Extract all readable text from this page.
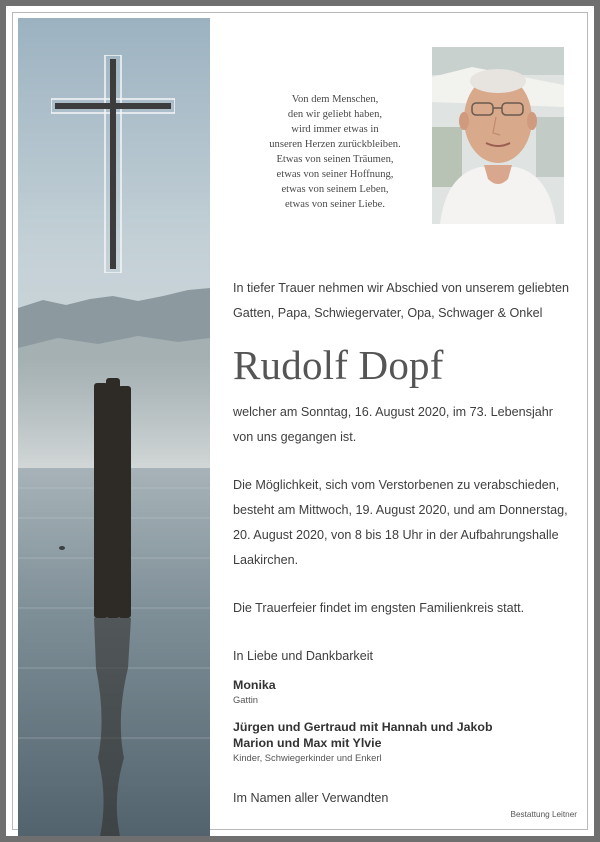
Von dem Menschen,
den wir geliebt haben,
wird immer etwas in
unseren Herzen zurückbleiben.
Etwas von seinen Träumen,
etwas von seiner Hoffnung,
etwas von seinem Leben,
etwas von seiner Liebe.
In tiefer Trauer nehmen wir Abschied von unserem geliebten
Gatten, Papa, Schwiegervater, Opa, Schwager & Onkel
Rudolf Dopf
welcher am Sonntag, 16. August 2020, im 73. Lebensjahr
von uns gegangen ist.
Die Möglichkeit, sich vom Verstorbenen zu verabschieden,
besteht am Mittwoch, 19. August 2020, und am Donnerstag,
20. August 2020, von 8 bis 18 Uhr in der Aufbahrungshalle
Laakirchen.
Die Trauerfeier findet im engsten Familienkreis statt.
In Liebe und Dankbarkeit
Monika
Gattin
Jürgen und Gertraud mit Hannah und Jakob
Marion und Max mit Ylvie
Kinder, Schwiegerkinder und Enkerl
Im Namen aller Verwandten
Bestattung Leitner
